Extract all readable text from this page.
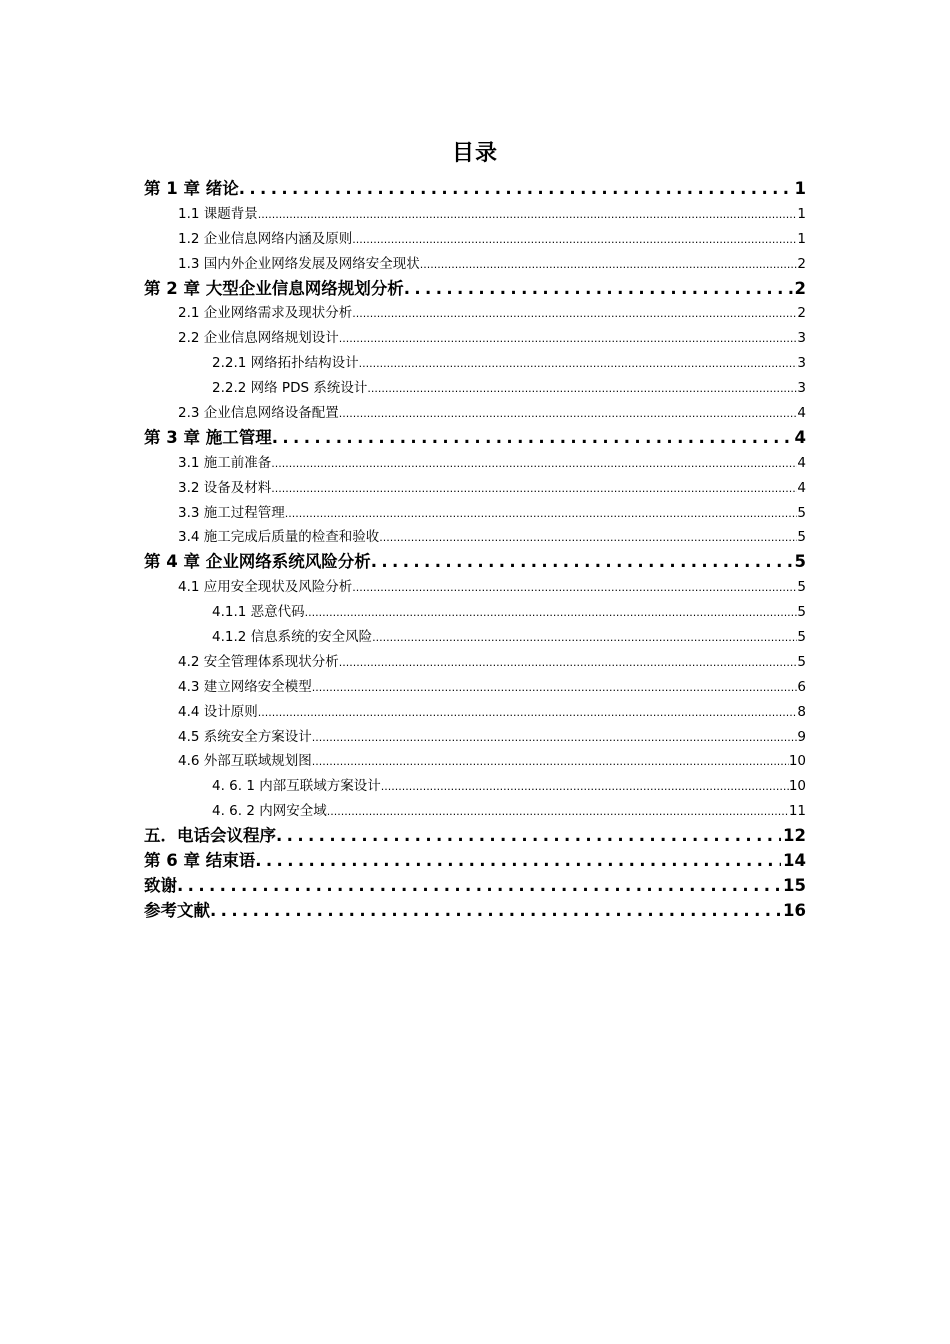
目录
第 1 章 绪论 .....	1
1.1 课题背景 .....	1
1.2 企业信息网络内涵及原则 .....	1
1.3 国内外企业网络发展及网络安全现状 .....	2
第 2 章 大型企业信息网络规划分析 .....	2
2.1 企业网络需求及现状分析 .....	2
2.2 企业信息网络规划设计 .....	3
2.2.1 网络拓扑结构设计 .....	3
2.2.2 网络 PDS 系统设计 .....	3
2.3 企业信息网络设备配置 .....	4
第 3 章 施工管理 .....	4
3.1 施工前准备 .....	4
3.2 设备及材料 .....	4
3.3 施工过程管理 .....	5
3.4 施工完成后质量的检查和验收 .....	5
第 4 章 企业网络系统风险分析 .....	5
4.1 应用安全现状及风险分析 .....	5
4.1.1 恶意代码 .....	5
4.1.2 信息系统的安全风险 .....	5
4.2 安全管理体系现状分析 .....	5
4.3 建立网络安全模型 .....	6
4.4 设计原则 .....	8
4.5 系统安全方案设计 .....	9
4.6 外部互联域规划图 .....	10
4. 6. 1 内部互联域方案设计 .....	10
4. 6. 2 内网安全域 .....	11
五．电话会议程序 .....	12
第 6 章 结束语 .....	14
致谢 .....	15
参考文献 .....	16
